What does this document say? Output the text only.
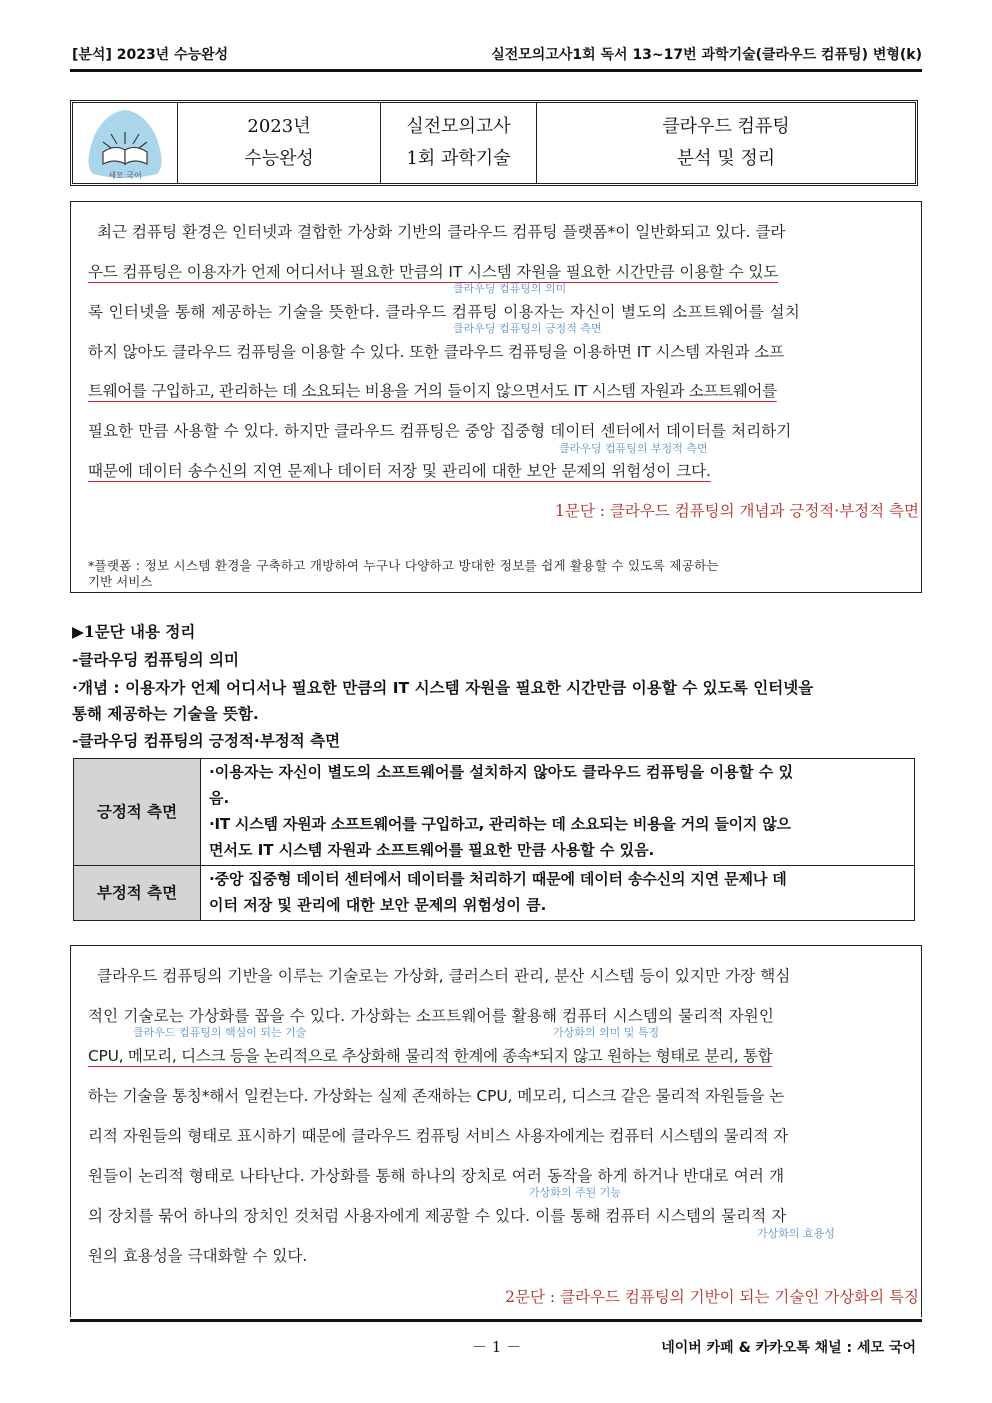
[분석] 2023년 수능완성	실전모의고사1회 독서 13~17번 과학기술(클라우드 컴퓨팅) 변형(k)
세모 국어
2023년
수능완성
실전모의고사
1회 과학기술
클라우드 컴퓨팅
분석 및 정리
최근 컴퓨팅 환경은 인터넷과 결합한 가상화 기반의 클라우드 컴퓨팅 플랫폼*이 일반화되고 있다. 클라
우드 컴퓨팅은 이용자가 언제 어디서나 필요한 만큼의 IT 시스템 자원을 필요한 시간만큼 이용할 수 있도
록 인터넷을 통해 제공하는 기술을 뜻한다. 클라우드 컴퓨팅 이용자는 자신이 별도의 소프트웨어를 설치
하지 않아도 클라우드 컴퓨팅을 이용할 수 있다. 또한 클라우드 컴퓨팅을 이용하면 IT 시스템 자원과 소프
트웨어를 구입하고, 관리하는 데 소요되는 비용을 거의 들이지 않으면서도 IT 시스템 자원과 소프트웨어를
필요한 만큼 사용할 수 있다. 하지만 클라우드 컴퓨팅은 중앙 집중형 데이터 센터에서 데이터를 처리하기
때문에 데이터 송수신의 지연 문제나 데이터 저장 및 관리에 대한 보안 문제의 위험성이 크다.
클라우딩 컴퓨팅의 의미
클라우딩 컴퓨팅의 긍정적 측면
클라우딩 컴퓨팅의 부정적 측면
1문단 : 클라우드 컴퓨팅의 개념과 긍정적·부정적 측면
*플랫폼 : 정보 시스템 환경을 구축하고 개방하여 누구나 다양하고 방대한 정보를 쉽게 활용할 수 있도록 제공하는
기반 서비스
▶1문단 내용 정리
-클라우딩 컴퓨팅의 의미
·개념 : 이용자가 언제 어디서나 필요한 만큼의 IT 시스템 자원을 필요한 시간만큼 이용할 수 있도록 인터넷을
통해 제공하는 기술을 뜻함.
-클라우딩 컴퓨팅의 긍정적·부정적 측면
긍정적 측면	·이용자는 자신이 별도의 소프트웨어를 설치하지 않아도 클라우드 컴퓨팅을 이용할 수 있
음.
·IT 시스템 자원과 소프트웨어를 구입하고, 관리하는 데 소요되는 비용을 거의 들이지 않으
면서도 IT 시스템 자원과 소프트웨어를 필요한 만큼 사용할 수 있음.

부정적 측면	·중앙 집중형 데이터 센터에서 데이터를 처리하기 때문에 데이터 송수신의 지연 문제나 데
이터 저장 및 관리에 대한 보안 문제의 위험성이 큼.
클라우드 컴퓨팅의 기반을 이루는 기술로는 가상화, 클러스터 관리, 분산 시스템 등이 있지만 가장 핵심
적인 기술로는 가상화를 꼽을 수 있다. 가상화는 소프트웨어를 활용해 컴퓨터 시스템의 물리적 자원인
CPU, 메모리, 디스크 등을 논리적으로 추상화해 물리적 한계에 종속*되지 않고 원하는 형태로 분리, 통합
하는 기술을 통칭*해서 일컫는다. 가상화는 실제 존재하는 CPU, 메모리, 디스크 같은 물리적 자원들을 논
리적 자원들의 형태로 표시하기 때문에 클라우드 컴퓨팅 서비스 사용자에게는 컴퓨터 시스템의 물리적 자
원들이 논리적 형태로 나타난다. 가상화를 통해 하나의 장치로 여러 동작을 하게 하거나 반대로 여러 개
의 장치를 묶어 하나의 장치인 것처럼 사용자에게 제공할 수 있다. 이를 통해 컴퓨터 시스템의 물리적 자
원의 효용성을 극대화할 수 있다.
클라우드 컴퓨팅의 핵심이 되는 기술	가상화의 의미 및 특징
가상화의 주된 기능
가상화의 효용성
2문단 : 클라우드 컴퓨팅의 기반이 되는 기술인 가상화의 특징
－ 1 －	네이버 카페 & 카카오톡 채널 : 세모 국어
